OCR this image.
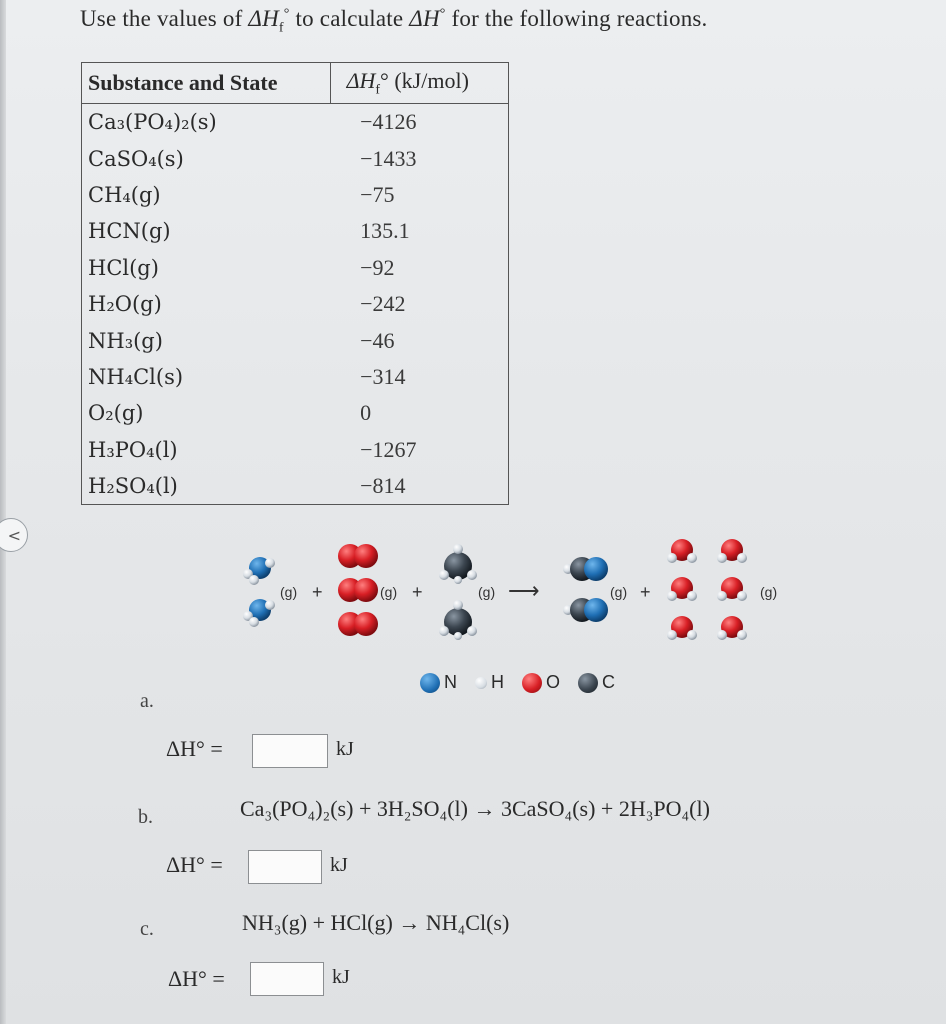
<
Use the values of $\Delta H_f^\circ$ to calculate ΔH° for the following reactions.
Substance and State	$\Delta H_f^\circ$ (kJ/mol)
Ca₃(PO₄)₂(s)	−4126
CaSO₄(s)	−1433
CH₄(g)	−75
HCN(g)	135.1
HCl(g)	−92
H₂O(g)	−242
NH₃(g)	−46
NH₄Cl(s)	−314
O₂(g)	0
H₃PO₄(l)	−1267
H₂SO₄(l)	−814
(g) +	(g) +	(g) ⟶	(g) +	(g)
N H O C
a.
ΔH° =	kJ
b.	Ca₃(PO₄)₂(s) + 3H₂SO₄(l) → 3CaSO₄(s) + 2H₃PO₄(l)
ΔH° =	kJ
c.	NH₃(g) + HCl(g) → NH₄Cl(s)
ΔH° =	kJ
